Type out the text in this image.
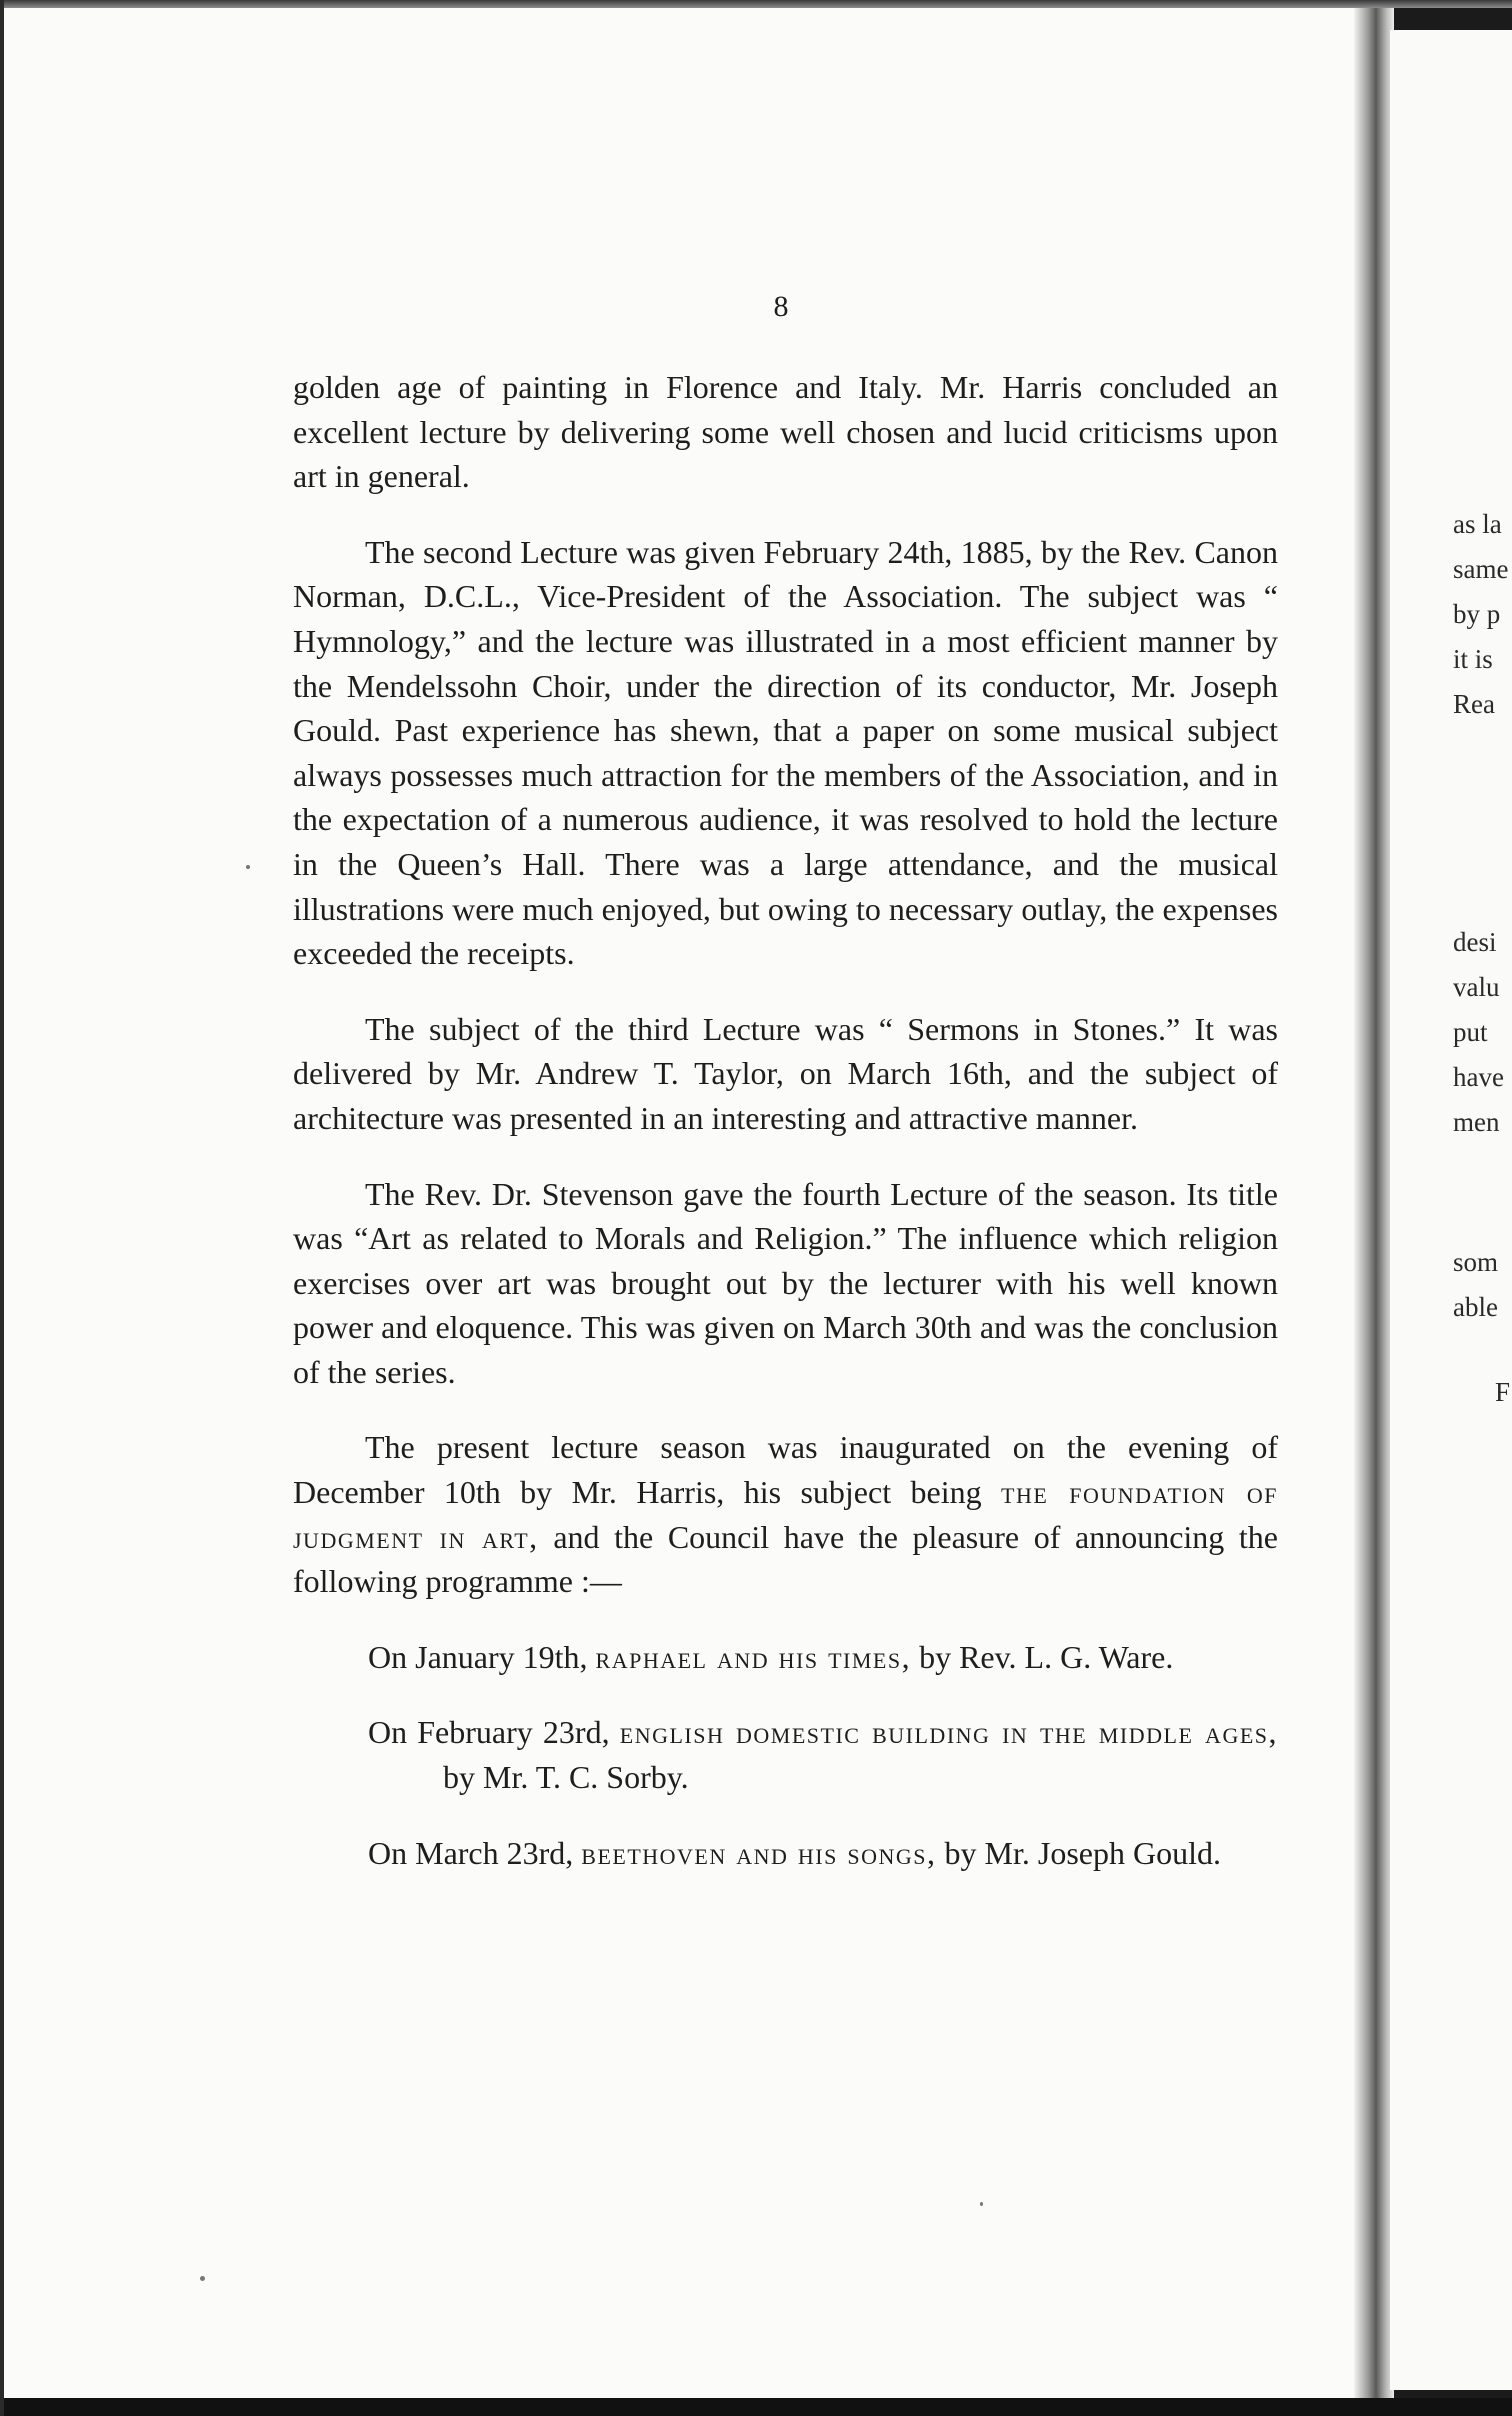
8

golden age of painting in Florence and Italy. Mr. Harris concluded an excellent lecture by delivering some well chosen and lucid criticisms upon art in general.

The second Lecture was given February 24th, 1885, by the Rev. Canon Norman, D.C.L., Vice-President of the Association. The subject was “ Hymnology,” and the lecture was illustrated in a most efficient manner by the Mendelssohn Choir, under the direction of its conductor, Mr. Joseph Gould. Past experience has shewn, that a paper on some musical subject always possesses much attraction for the members of the Association, and in the expectation of a numerous audience, it was resolved to hold the lecture in the Queen’s Hall. There was a large attendance, and the musical illustrations were much enjoyed, but owing to necessary outlay, the expenses exceeded the receipts.

The subject of the third Lecture was “ Sermons in Stones.” It was delivered by Mr. Andrew T. Taylor, on March 16th, and the subject of architecture was presented in an interesting and attractive manner.

The Rev. Dr. Stevenson gave the fourth Lecture of the season. Its title was “Art as related to Morals and Religion.” The influence which religion exercises over art was brought out by the lecturer with his well known power and eloquence. This was given on March 30th and was the conclusion of the series.

The present lecture season was inaugurated on the evening of December 10th by Mr. Harris, his subject being the foundation of judgment in art, and the Council have the pleasure of announcing the following programme :—

On January 19th, raphael and his times, by Rev. L. G. Ware.

On February 23rd, english domestic building in the middle ages, by Mr. T. C. Sorby.

On March 23rd, beethoven and his songs, by Mr. Joseph Gould.

as la
same
by p
it is
Rea
desi
valu
put
have
men
som
able
F
